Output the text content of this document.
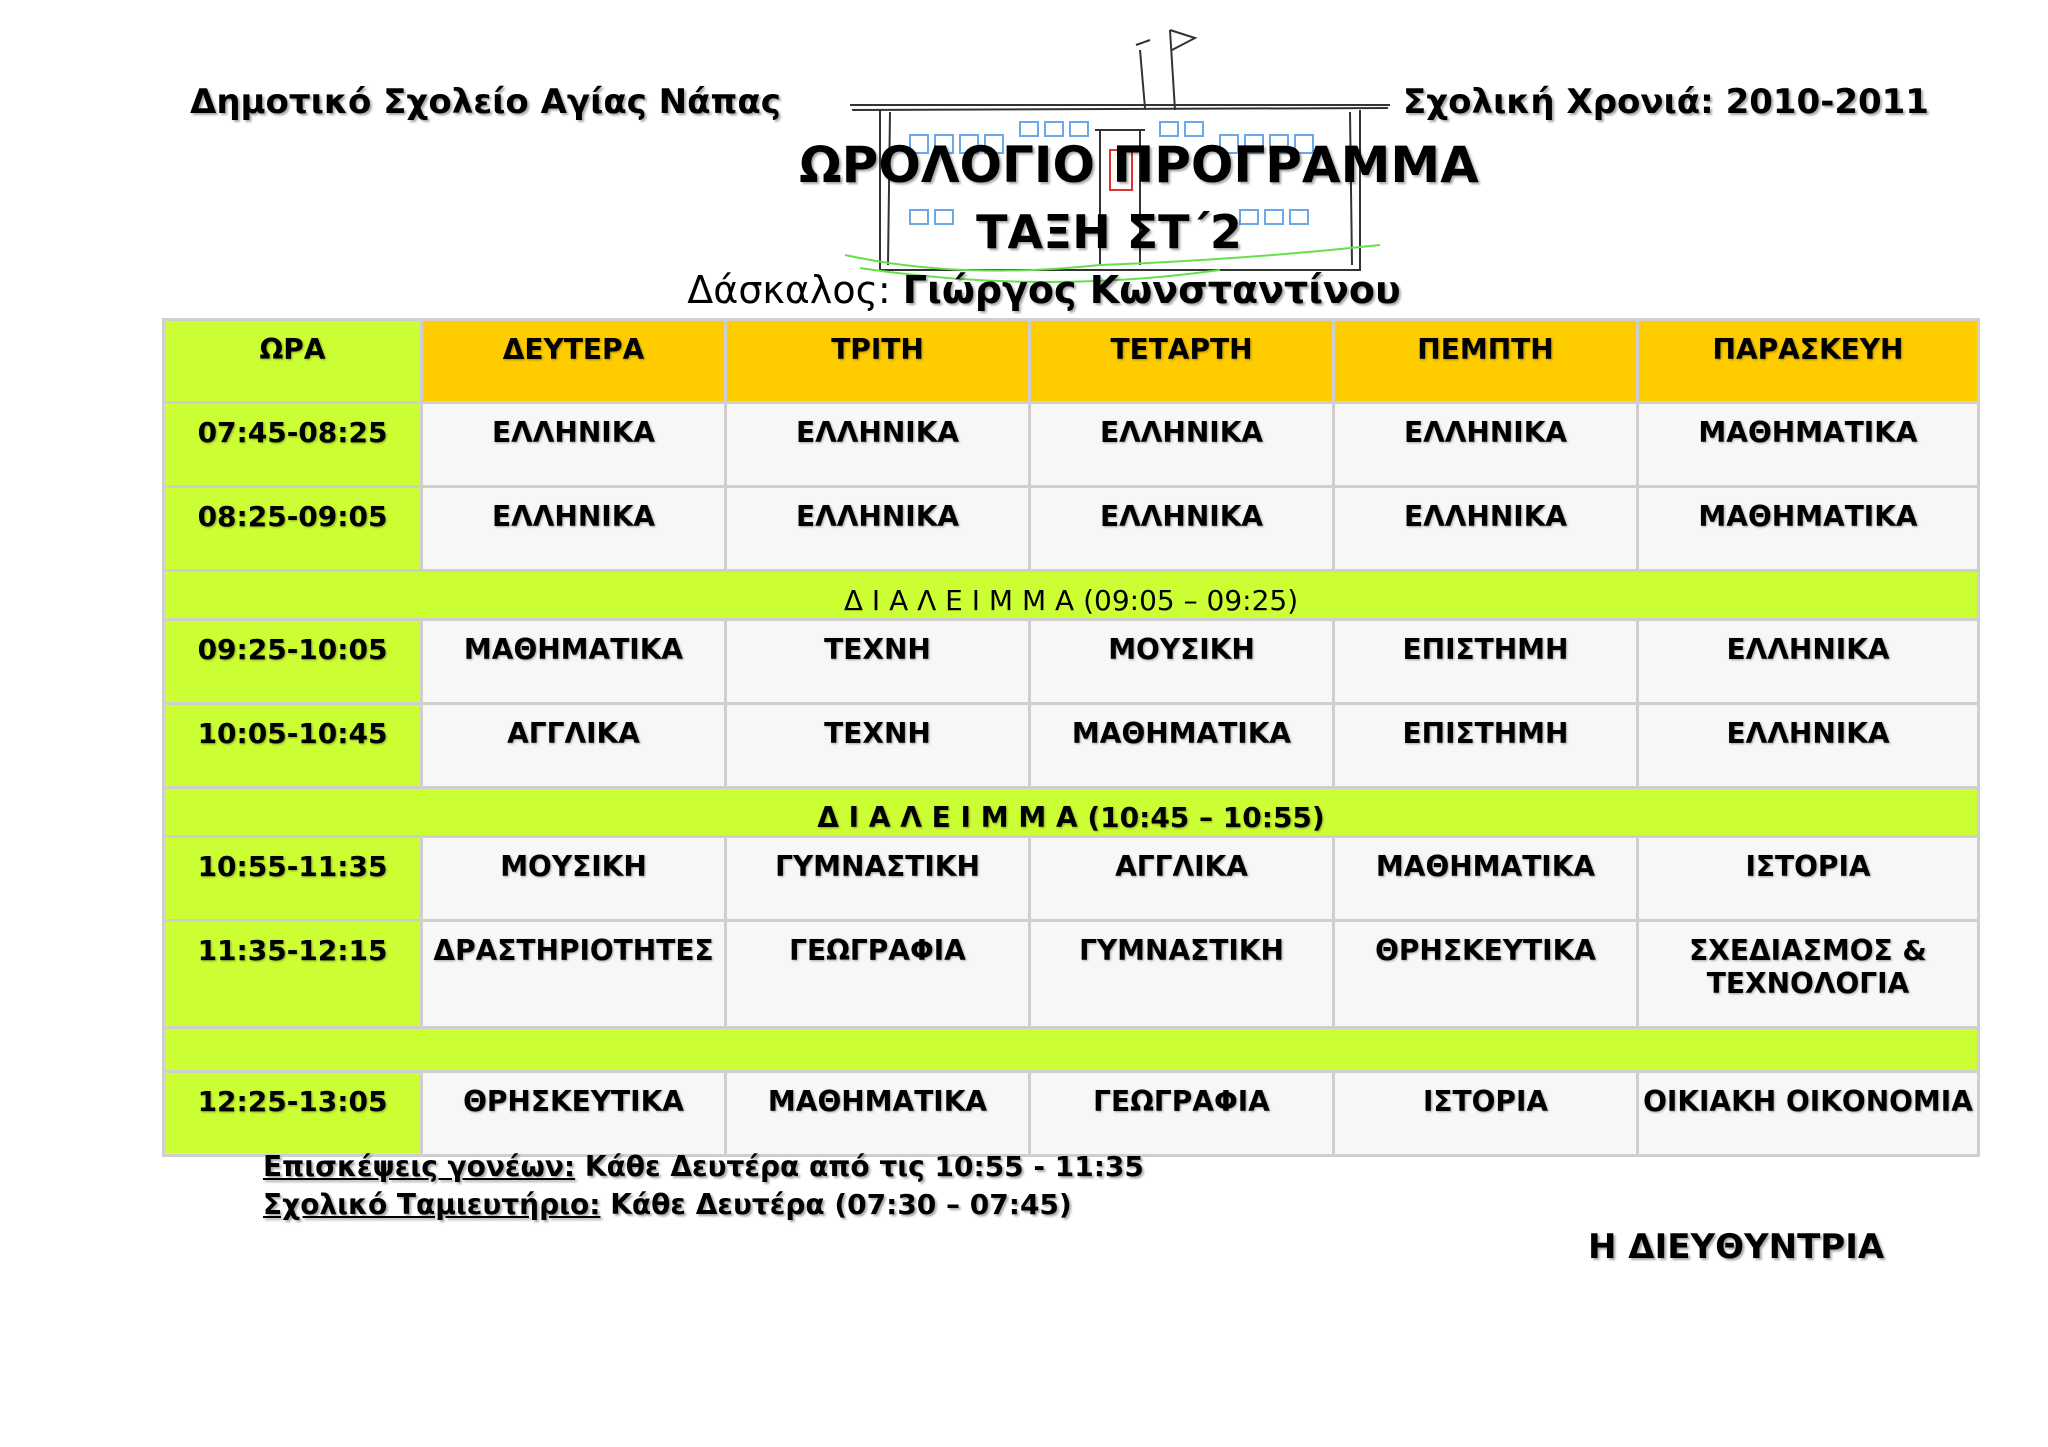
Δημοτικό Σχολείο Αγίας Νάπας	Σχολική Χρονιά: 2010-2011
ΩΡΟΛΟΓΙΟ ΠΡΟΓΡΑΜΜΑ
ΤΑΞΗ ΣΤ΄2
Δάσκαλος: Γιώργος Κωνσταντίνου
ΩΡΑ	ΔΕΥΤΕΡΑ	ΤΡΙΤΗ	ΤΕΤΑΡΤΗ	ΠΕΜΠΤΗ	ΠΑΡΑΣΚΕΥΗ
07:45-08:25	ΕΛΛΗΝΙΚΑ	ΕΛΛΗΝΙΚΑ	ΕΛΛΗΝΙΚΑ	ΕΛΛΗΝΙΚΑ	ΜΑΘΗΜΑΤΙΚΑ
08:25-09:05	ΕΛΛΗΝΙΚΑ	ΕΛΛΗΝΙΚΑ	ΕΛΛΗΝΙΚΑ	ΕΛΛΗΝΙΚΑ	ΜΑΘΗΜΑΤΙΚΑ
Δ Ι Α Λ Ε Ι Μ Μ Α (09:05 – 09:25)					
09:25-10:05	ΜΑΘΗΜΑΤΙΚΑ	ΤΕΧΝΗ	ΜΟΥΣΙΚΗ	ΕΠΙΣΤΗΜΗ	ΕΛΛΗΝΙΚΑ
10:05-10:45	ΑΓΓΛΙΚΑ	ΤΕΧΝΗ	ΜΑΘΗΜΑΤΙΚΑ	ΕΠΙΣΤΗΜΗ	ΕΛΛΗΝΙΚΑ
Δ Ι Α Λ Ε Ι Μ Μ Α (10:45 – 10:55)					
10:55-11:35	ΜΟΥΣΙΚΗ	ΓΥΜΝΑΣΤΙΚΗ	ΑΓΓΛΙΚΑ	ΜΑΘΗΜΑΤΙΚΑ	ΙΣΤΟΡΙΑ
11:35-12:15	ΔΡΑΣΤΗΡΙΟΤΗΤΕΣ	ΓΕΩΓΡΑΦΙΑ	ΓΥΜΝΑΣΤΙΚΗ	ΘΡΗΣΚΕΥΤΙΚΑ	ΣΧΕΔΙΑΣΜΟΣ & ΤΕΧΝΟΛΟΓΙΑ

12:25-13:05	ΘΡΗΣΚΕΥΤΙΚΑ	ΜΑΘΗΜΑΤΙΚΑ	ΓΕΩΓΡΑΦΙΑ	ΙΣΤΟΡΙΑ	ΟΙΚΙΑΚΗ ΟΙΚΟΝΟΜΙΑ
Επισκέψεις γονέων: Κάθε Δευτέρα από τις 10:55 - 11:35
Σχολικό Ταμιευτήριο: Κάθε Δευτέρα (07:30 – 07:45)
Η ΔΙΕΥΘΥΝΤΡΙΑ
